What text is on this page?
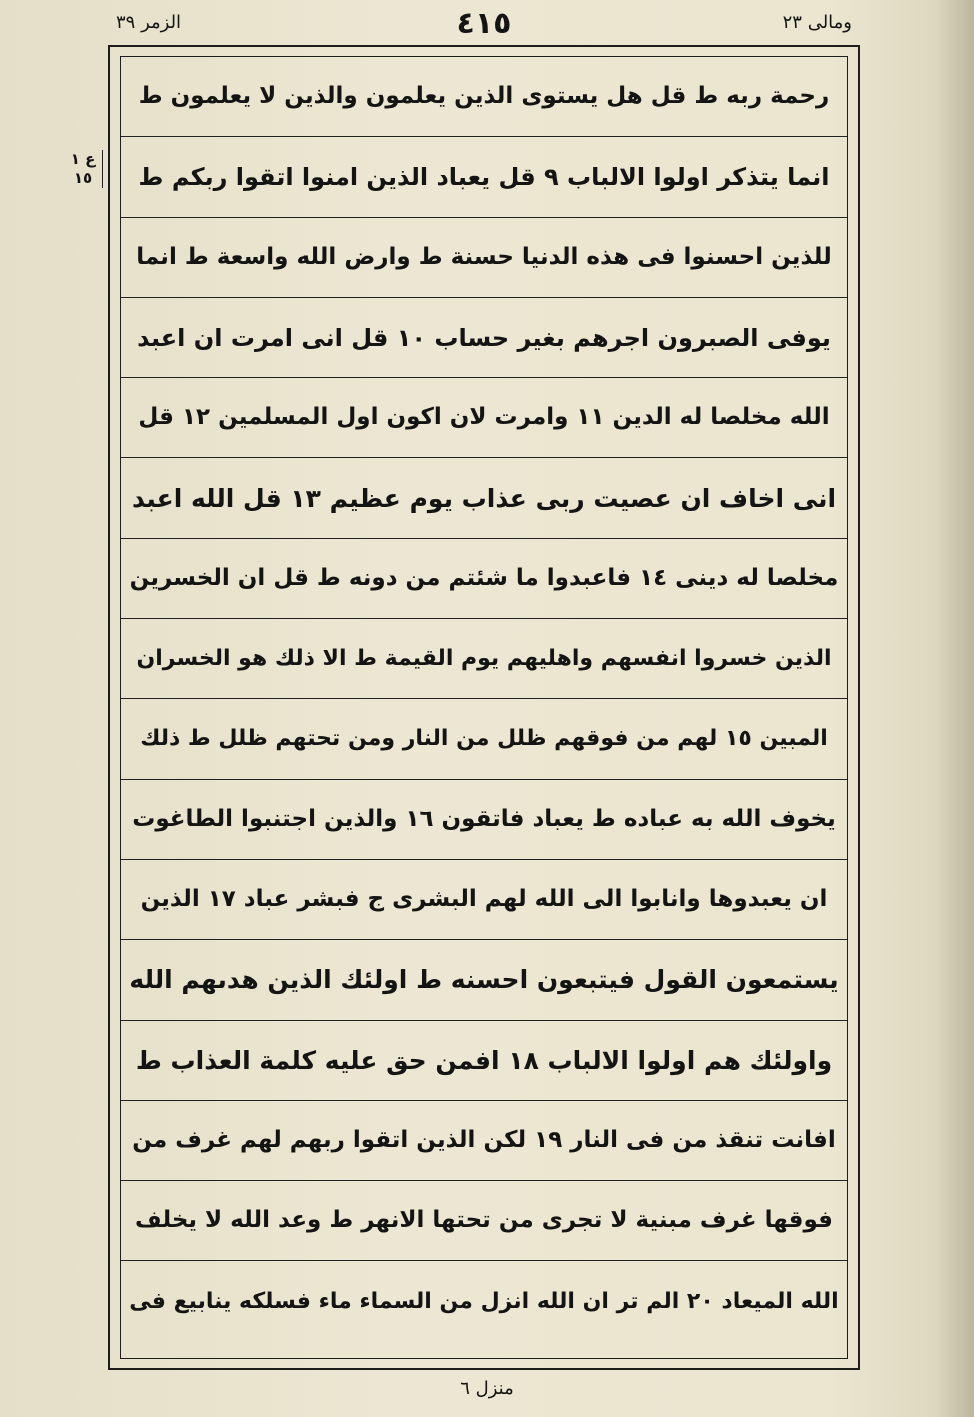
الزمر ٣٩	٤١٥	ومالی ٢٣
ع ١
١٥
رحمة ربه ط قل هل يستوى الذين يعلمون والذين لا يعلمون ط
انما يتذكر اولوا الالباب ٩ قل يعباد الذين امنوا اتقوا ربكم ط
للذين احسنوا فى هذه الدنيا حسنة ط وارض الله واسعة ط انما
يوفى الصبرون اجرهم بغير حساب ١٠ قل انى امرت ان اعبد
الله مخلصا له الدين ١١ وامرت لان اكون اول المسلمين ١٢ قل
انى اخاف ان عصيت ربى عذاب يوم عظيم ١٣ قل الله اعبد
مخلصا له دينى ١٤ فاعبدوا ما شئتم من دونه ط قل ان الخسرين
الذين خسروا انفسهم واهليهم يوم القيمة ط الا ذلك هو الخسران
المبين ١٥ لهم من فوقهم ظلل من النار ومن تحتهم ظلل ط ذلك
يخوف الله به عباده ط يعباد فاتقون ١٦ والذين اجتنبوا الطاغوت
ان يعبدوها وانابوا الى الله لهم البشرى ج فبشر عباد ١٧ الذين
يستمعون القول فيتبعون احسنه ط اولئك الذين هدىهم الله
واولئك هم اولوا الالباب ١٨ افمن حق عليه كلمة العذاب ط
افانت تنقذ من فى النار ١٩ لكن الذين اتقوا ربهم لهم غرف من
فوقها غرف مبنية لا تجرى من تحتها الانهر ط وعد الله لا يخلف
الله الميعاد ٢٠ الم تر ان الله انزل من السماء ماء فسلكه ينابيع فى
منزل ٦
